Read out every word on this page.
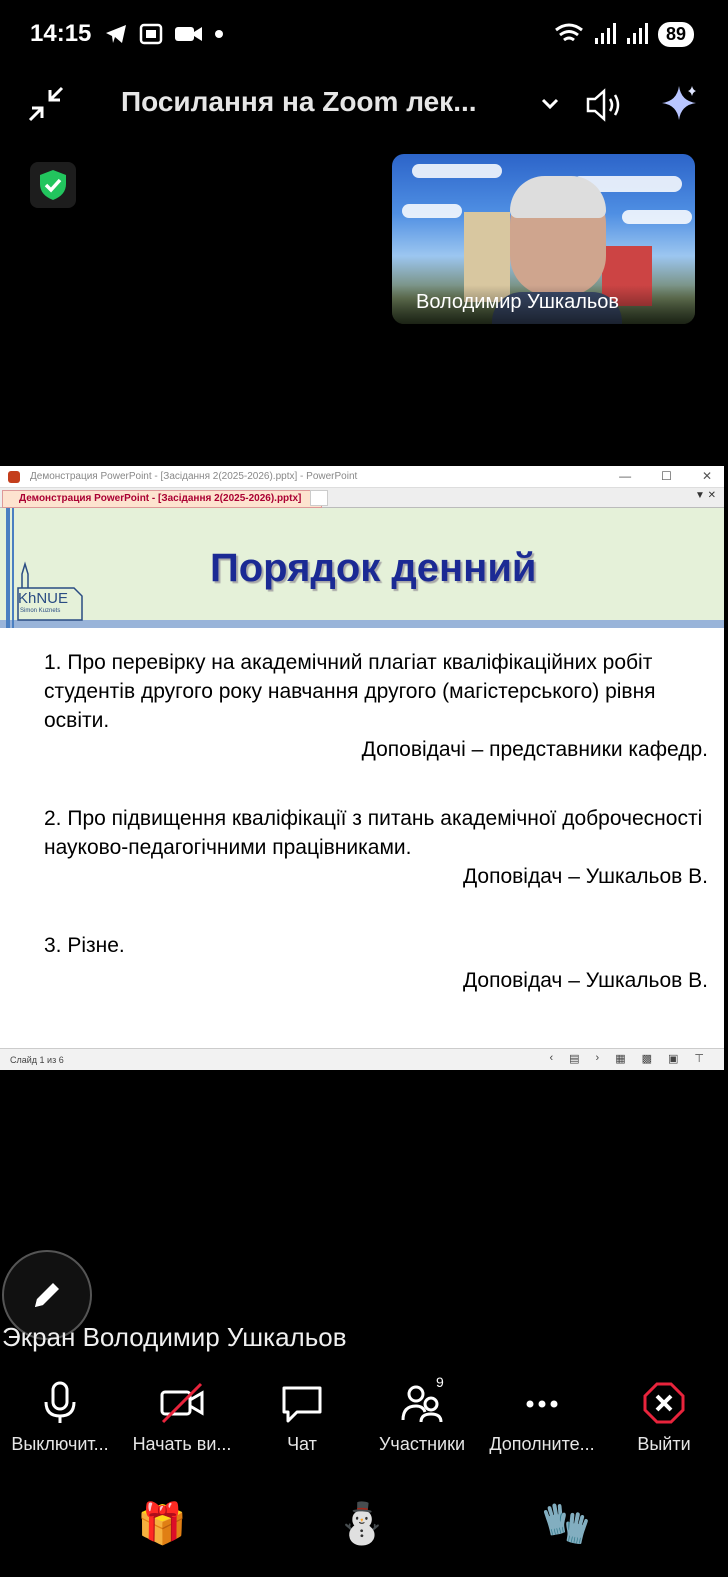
14:15	89
Посилання на Zoom лек...
Володимир Ушкальов
Демонстрация PowerPoint - [Засідання 2(2025-2026).pptx] - PowerPoint	—	☐	✕
Демонстрация PowerPoint - [Засідання 2(2025-2026).pptx]	▼ ✕
KhNUE
Simon Kuznets
Порядок денний
1. Про перевірку на академічний плагіат кваліфікаційних робіт студентів другого року навчання другого (магістерського) рівня освіти.
Доповідачі – представники кафедр.
2. Про підвищення кваліфікації з питань академічної доброчесності науково-педагогічними працівниками.
Доповідач – Ушкальов В.
3. Різне.
Доповідач – Ушкальов В.
Слайд 1 из 6	‹ ▤ › ▦ ▩ ▣ ⊤
Экран Володимир Ушкальов
Выключит...	Начать ви...	Чат	Участники	Дополните...	Выйти
9
🎁	⛄	🧤
